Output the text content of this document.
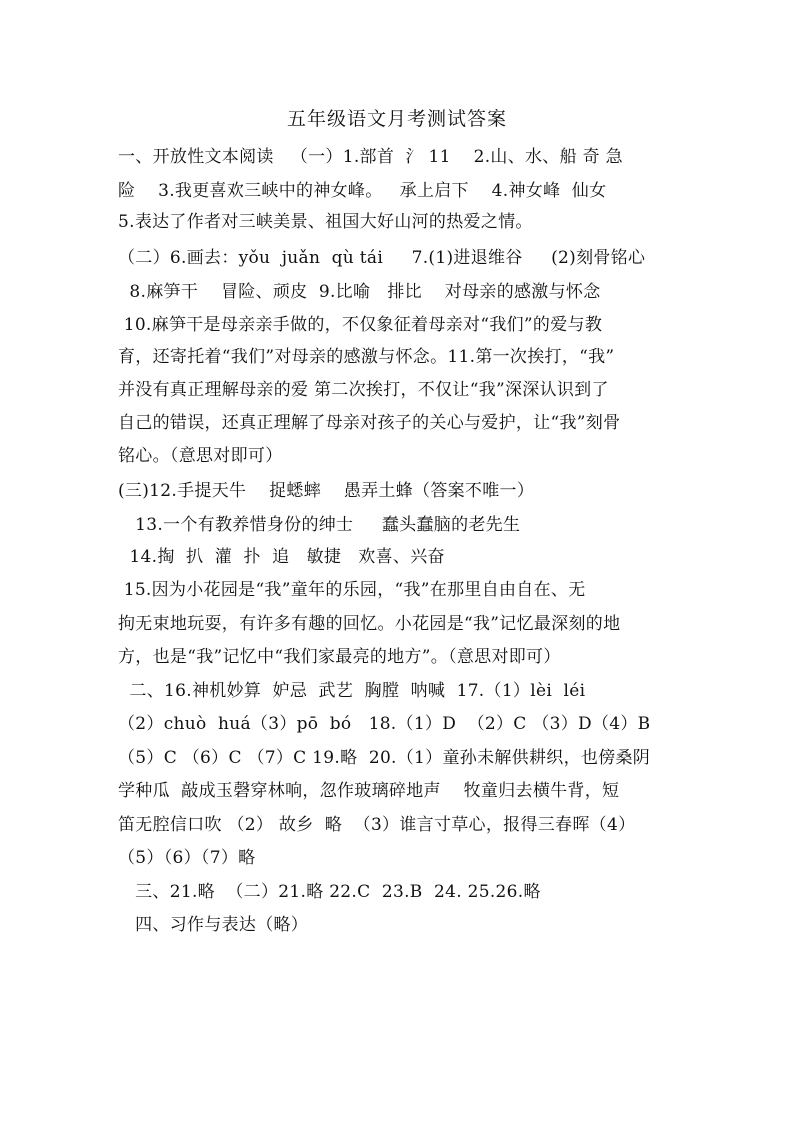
五年级语文月考测试答案
一、开放性文本阅读   （一）1.部首  氵 11    2.山、水、船 奇 急
险    3.我更喜欢三峡中的神女峰。   承上启下    4.神女峰  仙女
5.表达了作者对三峡美景、祖国大好山河的热爱之情。
（二）6.画去：yǒu  juǎn  qù tái     7.(1)进退维谷     (2)刻骨铭心
8.麻笋干    冒险、顽皮  9.比喻   排比    对母亲的感激与怀念
10.麻笋干是母亲亲手做的，不仅象征着母亲对“我们”的爱与教
育，还寄托着“我们”对母亲的感激与怀念。11.第一次挨打，“我”
并没有真正理解母亲的爱 第二次挨打，不仅让“我”深深认识到了
自己的错误，还真正理解了母亲对孩子的关心与爱护，让“我”刻骨
铭心。（意思对即可）
(三)12.手提天牛    捉蟋蟀    愚弄土蜂（答案不唯一）
13.一个有教养惜身份的绅士     蠢头蠢脑的老先生
14.掏  扒  灌  扑  追   敏捷   欢喜、兴奋
15.因为小花园是“我”童年的乐园，“我”在那里自由自在、无
拘无束地玩耍，有许多有趣的回忆。小花园是“我”记忆最深刻的地
方，也是“我”记忆中“我们家最亮的地方”。（意思对即可）
二、16.神机妙算  妒忌  武艺  胸膛  呐喊  17.（1）lèi  léi
（2）chuò  huá（3）pō  bó   18.（1）D  （2）C （3）D（4）B
（5）C （6）C （7）C 19.略  20.（1）童孙未解供耕织，也傍桑阴
学种瓜  敲成玉磬穿林响，忽作玻璃碎地声    牧童归去横牛背，短
笛无腔信口吹 （2） 故乡  略  （3）谁言寸草心，报得三春晖（4）
（5）（6）（7）略
三、21.略  （二）21.略 22.C  23.B  24. 25.26.略
四、习作与表达（略）
